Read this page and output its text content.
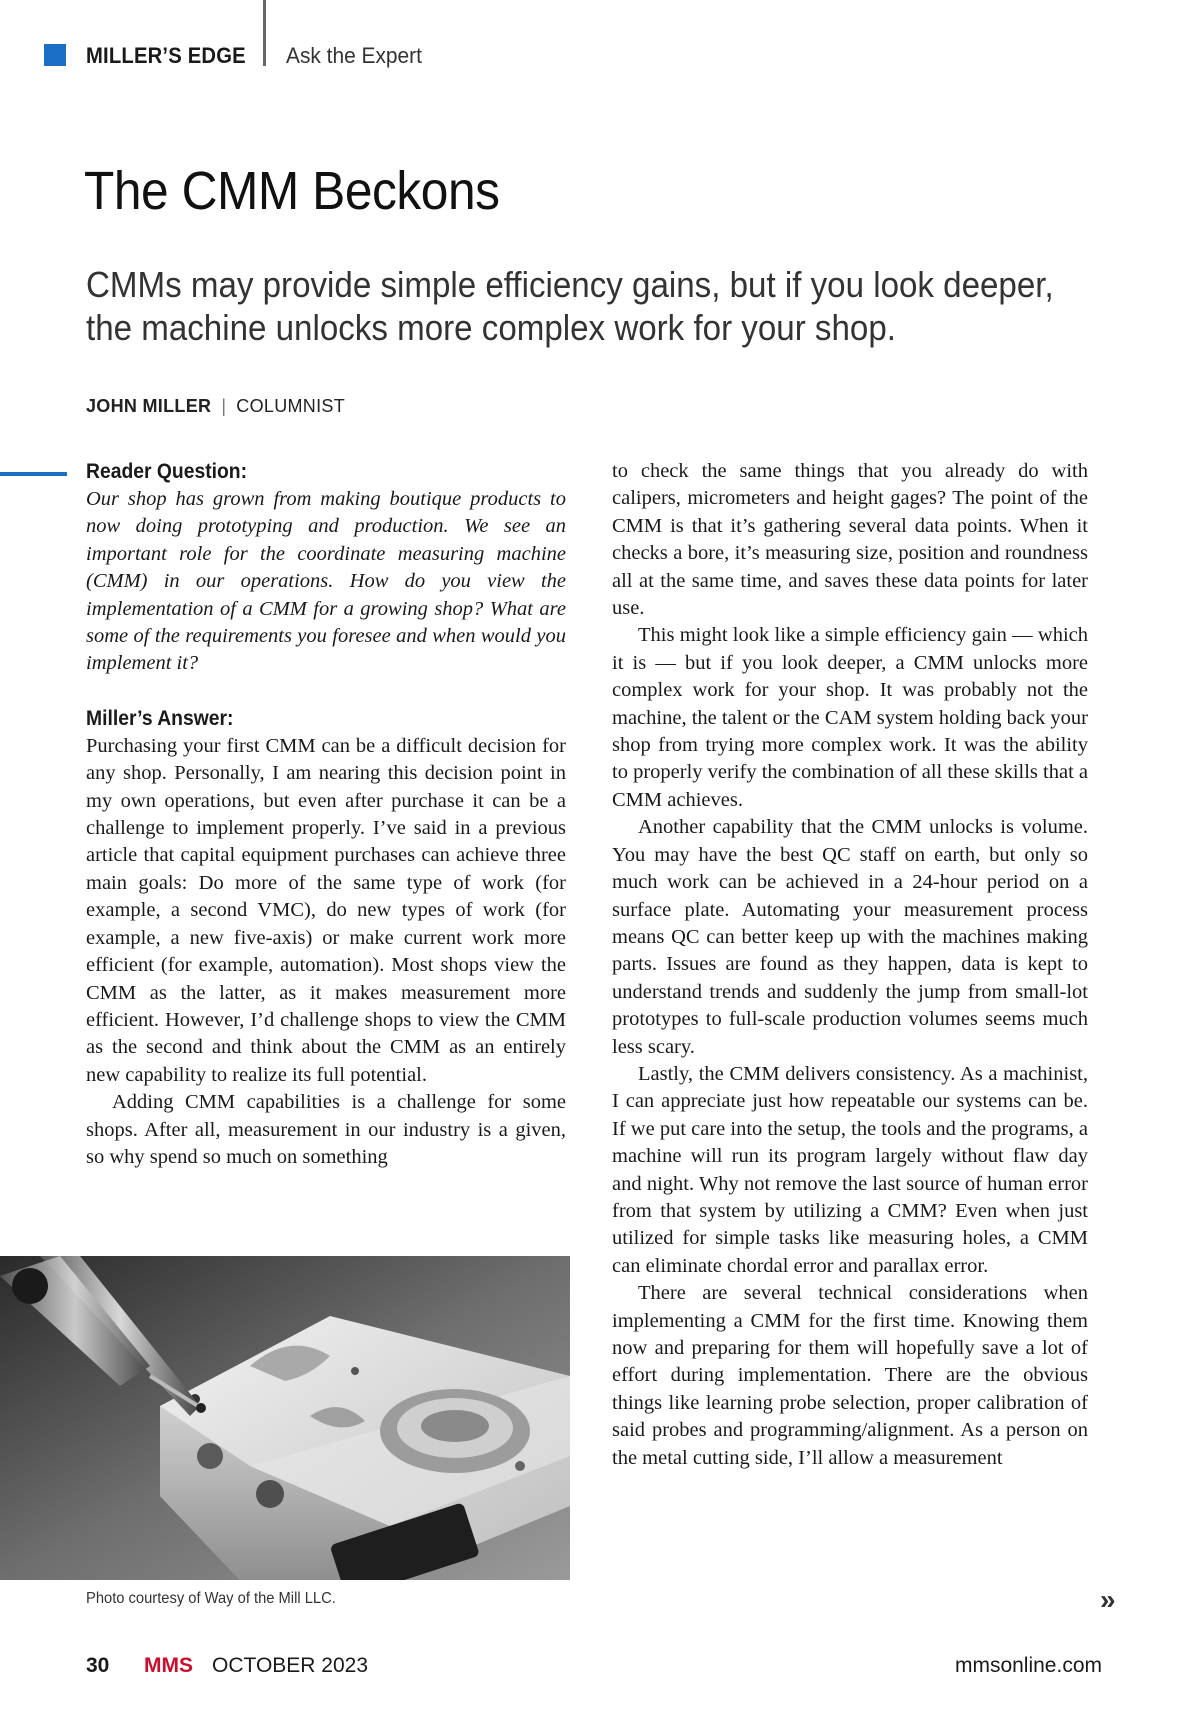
MILLER’S EDGE Ask the Expert
The CMM Beckons

CMMs may provide simple efficiency gains, but if you look deeper, the machine unlocks more complex work for your shop.

JOHN MILLER | COLUMNIST

Reader Question:

Our shop has grown from making boutique products to now doing prototyping and production. We see an important role for the coordinate measuring machine (CMM) in our operations. How do you view the implementation of a CMM for a growing shop? What are some of the requirements you foresee and when would you implement it?

Miller’s Answer:

Purchasing your first CMM can be a difficult decision for any shop. Personally, I am nearing this decision point in my own operations, but even after purchase it can be a challenge to implement properly. I’ve said in a previous article that capital equipment purchases can achieve three main goals: Do more of the same type of work (for example, a second VMC), do new types of work (for example, a new five-axis) or make current work more efficient (for example, automation). Most shops view the CMM as the latter, as it makes measurement more efficient. However, I’d challenge shops to view the CMM as the second and think about the CMM as an entirely new capability to realize its full potential.

Adding CMM capabilities is a challenge for some shops. After all, measurement in our industry is a given, so why spend so much on something

Photo courtesy of Way of the Mill LLC.

to check the same things that you already do with calipers, micrometers and height gages? The point of the CMM is that it’s gathering several data points. When it checks a bore, it’s measuring size, position and roundness all at the same time, and saves these data points for later use.

This might look like a simple efficiency gain — which it is — but if you look deeper, a CMM unlocks more complex work for your shop. It was probably not the machine, the talent or the CAM system holding back your shop from trying more complex work. It was the ability to properly verify the combination of all these skills that a CMM achieves.

Another capability that the CMM unlocks is volume. You may have the best QC staff on earth, but only so much work can be achieved in a 24-hour period on a surface plate. Automating your measurement process means QC can better keep up with the machines making parts. Issues are found as they happen, data is kept to understand trends and suddenly the jump from small-lot prototypes to full-scale production volumes seems much less scary.

Lastly, the CMM delivers consistency. As a machinist, I can appreciate just how repeatable our systems can be. If we put care into the setup, the tools and the programs, a machine will run its program largely without flaw day and night. Why not remove the last source of human error from that system by utilizing a CMM? Even when just utilized for simple tasks like measuring holes, a CMM can eliminate chordal error and parallax error.

There are several technical considerations when implementing a CMM for the first time. Knowing them now and preparing for them will hopefully save a lot of effort during implementation. There are the obvious things like learning probe selection, proper calibration of said probes and programming/alignment. As a person on the metal cutting side, I’ll allow a measurement

»
30 MMS OCTOBER 2023	mmsonline.com
